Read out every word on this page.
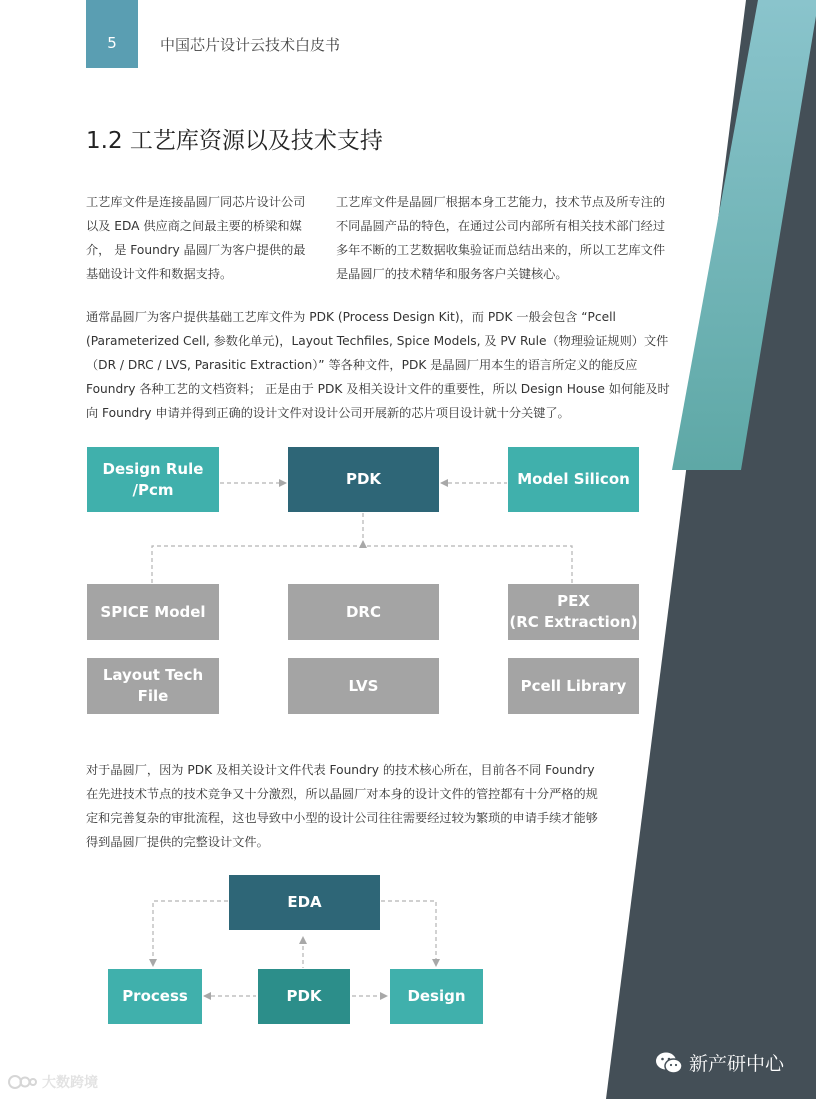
5	中国芯片设计云技术白皮书
1.2 工艺库资源以及技术支持

工艺库文件是连接晶圆厂同芯片设计公司以及 EDA 供应商之间最主要的桥梁和媒介， 是 Foundry 晶圆厂为客户提供的最基础设计文件和数据支持。

工艺库文件是晶圆厂根据本身工艺能力，技术节点及所专注的不同晶圆产品的特色，在通过公司内部所有相关技术部门经过多年不断的工艺数据收集验证而总结出来的，所以工艺库文件是晶圆厂的技术精华和服务客户关键核心。

通常晶圆厂为客户提供基础工艺库文件为 PDK (Process Design Kit)，而 PDK 一般会包含 “Pcell (Parameterized Cell, 参数化单元)，Layout Techfiles, Spice Models, 及 PV Rule（物理验证规则）文件（DR / DRC / LVS, Parasitic Extraction）” 等各种文件，PDK 是晶圆厂用本生的语言所定义的能反应 Foundry 各种工艺的文档资料； 正是由于 PDK 及相关设计文件的重要性，所以 Design House 如何能及时向 Foundry 申请并得到正确的设计文件对设计公司开展新的芯片项目设计就十分关键了。

Design Rule
/Pcm
PDK	Model Silicon
SPICE Model	DRC
PEX
(RC Extraction)
Layout Tech
File
LVS	Pcell Library

对于晶圆厂，因为 PDK 及相关设计文件代表 Foundry 的技术核心所在，目前各不同 Foundry 在先进技术节点的技术竞争又十分激烈，所以晶圆厂对本身的设计文件的管控都有十分严格的规定和完善复杂的审批流程，这也导致中小型的设计公司往往需要经过较为繁琐的申请手续才能够得到晶圆厂提供的完整设计文件。

EDA
Process	PDK	Design
新产研中心
大数跨境
